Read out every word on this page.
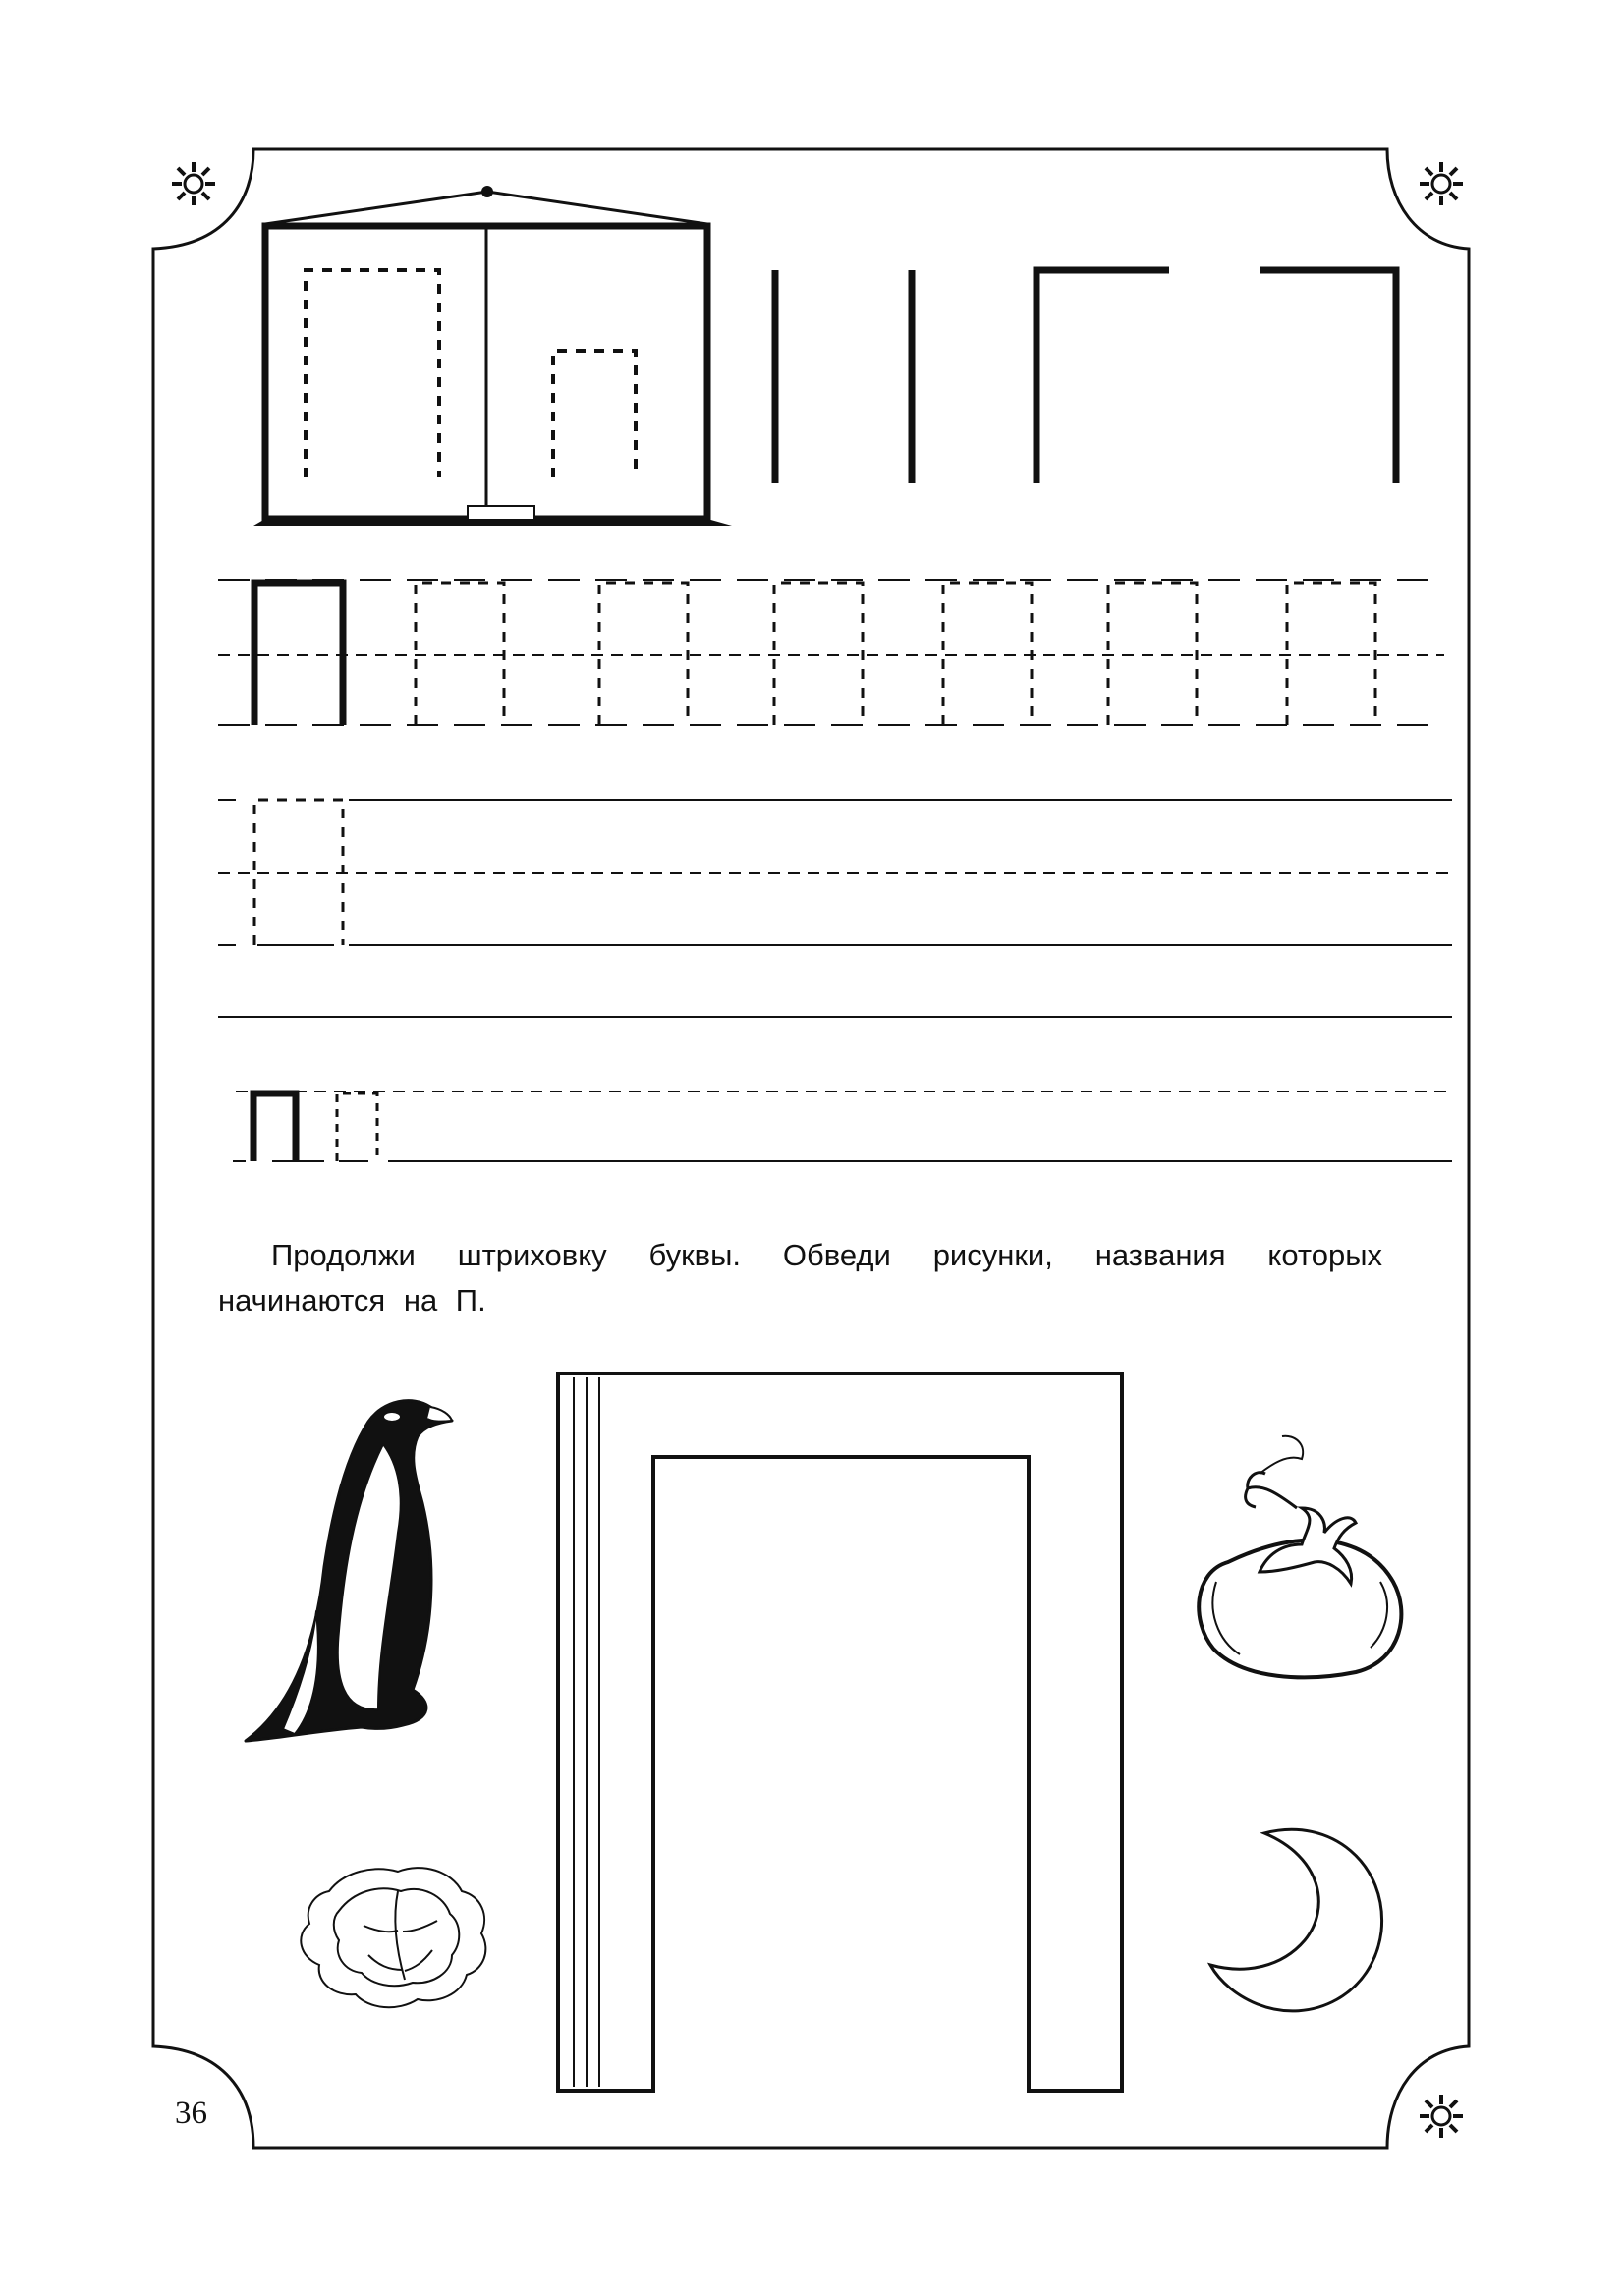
Продолжи штриховку буквы. Обведи рисунки, названия которых
начинаются на П.
36
